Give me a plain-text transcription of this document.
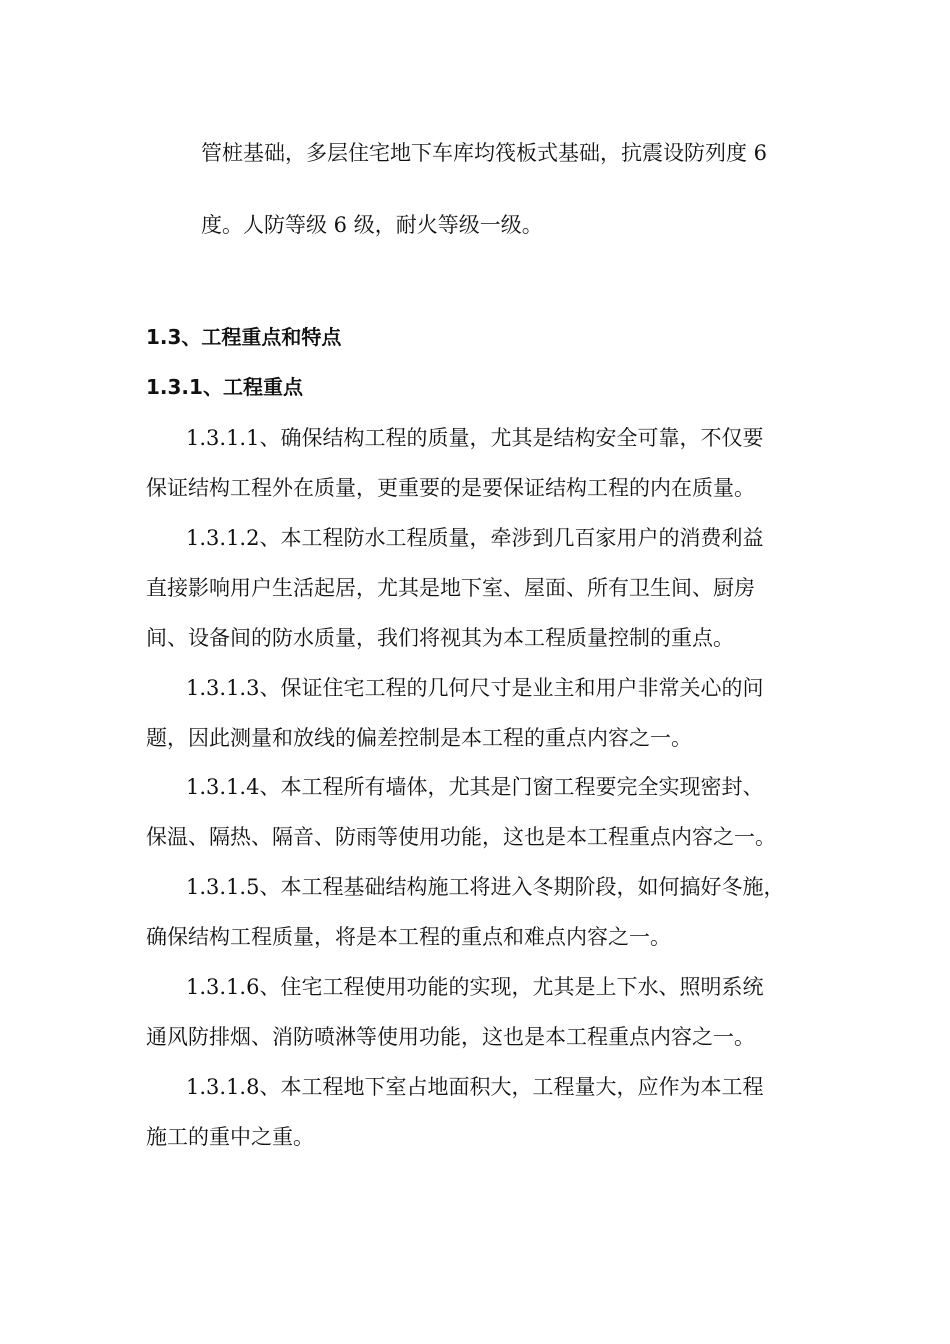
管桩基础，多层住宅地下车库均筏板式基础，抗震设防列度 6
度。人防等级 6 级，耐火等级一级。
1.3、工程重点和特点
1.3.1、工程重点
1.3.1.1、确保结构工程的质量，尤其是结构安全可靠，不仅要
保证结构工程外在质量，更重要的是要保证结构工程的内在质量。
1.3.1.2、本工程防水工程质量，牵涉到几百家用户的消费利益
直接影响用户生活起居，尤其是地下室、屋面、所有卫生间、厨房
间、设备间的防水质量，我们将视其为本工程质量控制的重点。
1.3.1.3、保证住宅工程的几何尺寸是业主和用户非常关心的问
题，因此测量和放线的偏差控制是本工程的重点内容之一。
1.3.1.4、本工程所有墙体，尤其是门窗工程要完全实现密封、
保温、隔热、隔音、防雨等使用功能，这也是本工程重点内容之一。
1.3.1.5、本工程基础结构施工将进入冬期阶段，如何搞好冬施，
确保结构工程质量，将是本工程的重点和难点内容之一。
1.3.1.6、住宅工程使用功能的实现，尤其是上下水、照明系统
通风防排烟、消防喷淋等使用功能，这也是本工程重点内容之一。
1.3.1.8、本工程地下室占地面积大，工程量大，应作为本工程
施工的重中之重。
